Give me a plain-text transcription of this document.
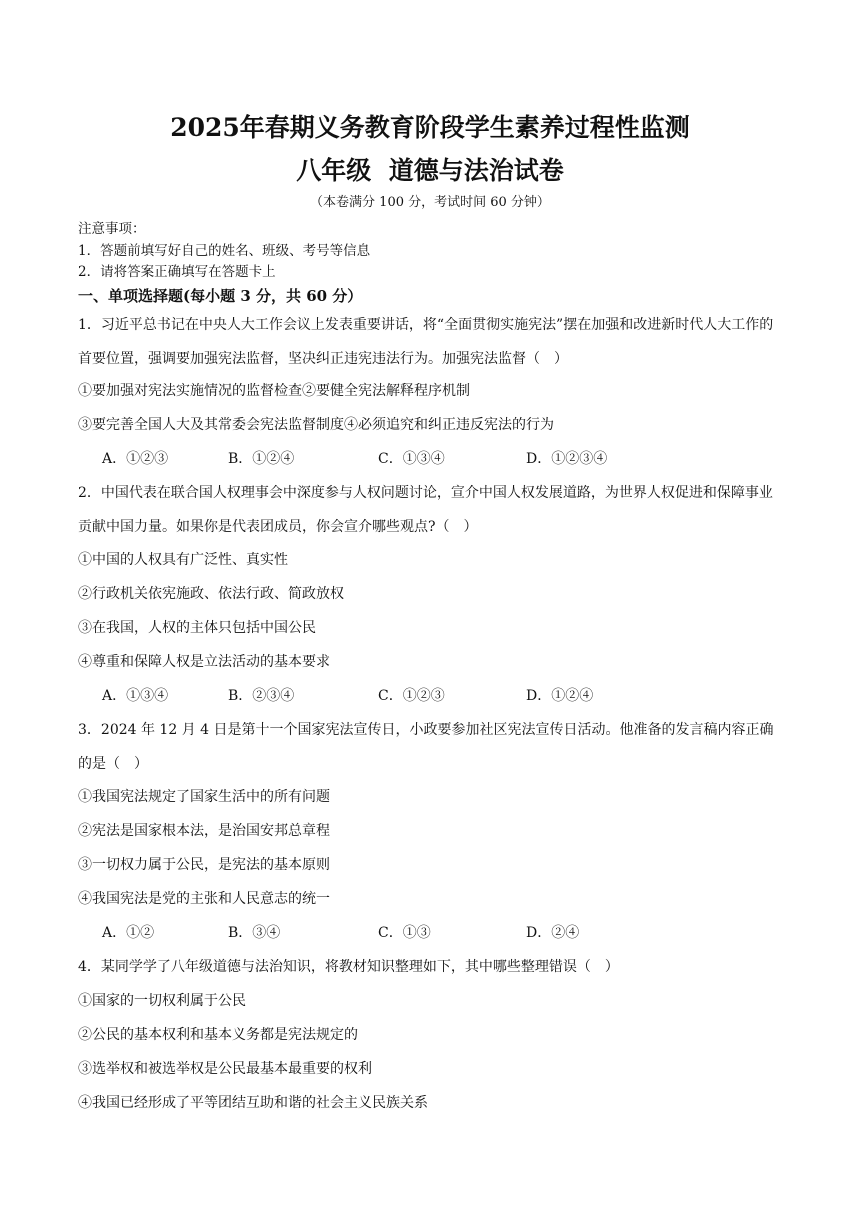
2025年春期义务教育阶段学生素养过程性监测
八年级  道德与法治试卷
（本卷满分 100 分，考试时间 60 分钟）
注意事项：
1．答题前填写好自己的姓名、班级、考号等信息
2．请将答案正确填写在答题卡上
一、单项选择题(每小题 3 分，共 60 分）
1．习近平总书记在中央人大工作会议上发表重要讲话，将“全面贯彻实施宪法”摆在加强和改进新时代人大工作的首要位置，强调要加强宪法监督，坚决纠正违宪违法行为。加强宪法监督（　）
①要加强对宪法实施情况的监督检查②要健全宪法解释程序机制
③要完善全国人大及其常委会宪法监督制度④必须追究和纠正违反宪法的行为
A．①②③	B．①②④	C．①③④	D．①②③④
2．中国代表在联合国人权理事会中深度参与人权问题讨论，宣介中国人权发展道路，为世界人权促进和保障事业贡献中国力量。如果你是代表团成员，你会宣介哪些观点?（　）
①中国的人权具有广泛性、真实性
②行政机关依宪施政、依法行政、简政放权
③在我国，人权的主体只包括中国公民
④尊重和保障人权是立法活动的基本要求
A．①③④	B．②③④	C．①②③	D．①②④
3．2024 年 12 月 4 日是第十一个国家宪法宣传日，小政要参加社区宪法宣传日活动。他准备的发言稿内容正确的是（　）
①我国宪法规定了国家生活中的所有问题
②宪法是国家根本法，是治国安邦总章程
③一切权力属于公民，是宪法的基本原则
④我国宪法是党的主张和人民意志的统一
A．①②	B．③④	C．①③	D．②④
4．某同学学了八年级道德与法治知识，将教材知识整理如下，其中哪些整理错误（　）
①国家的一切权利属于公民
②公民的基本权利和基本义务都是宪法规定的
③选举权和被选举权是公民最基本最重要的权利
④我国已经形成了平等团结互助和谐的社会主义民族关系
